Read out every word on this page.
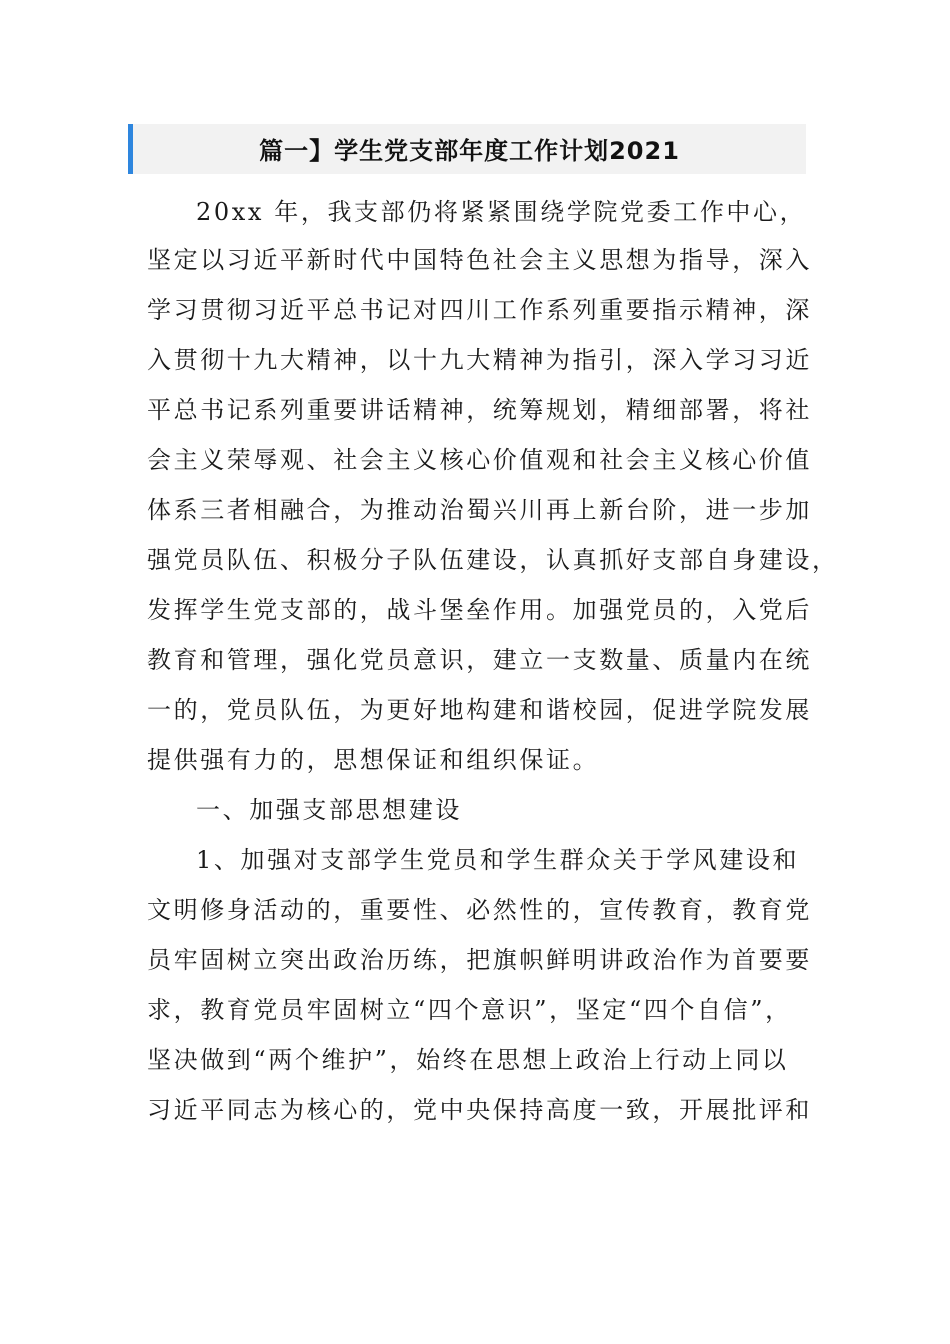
篇一】学生党支部年度工作计划2021
20xx 年，我支部仍将紧紧围绕学院党委工作中心，
坚定以习近平新时代中国特色社会主义思想为指导，深入
学习贯彻习近平总书记对四川工作系列重要指示精神，深
入贯彻十九大精神，以十九大精神为指引，深入学习习近
平总书记系列重要讲话精神，统筹规划，精细部署，将社
会主义荣辱观、社会主义核心价值观和社会主义核心价值
体系三者相融合，为推动治蜀兴川再上新台阶，进一步加
强党员队伍、积极分子队伍建设，认真抓好支部自身建设，
发挥学生党支部的，战斗堡垒作用。加强党员的，入党后
教育和管理，强化党员意识，建立一支数量、质量内在统
一的，党员队伍，为更好地构建和谐校园，促进学院发展
提供强有力的，思想保证和组织保证。
一、加强支部思想建设
1、加强对支部学生党员和学生群众关于学风建设和
文明修身活动的，重要性、必然性的，宣传教育，教育党
员牢固树立突出政治历练，把旗帜鲜明讲政治作为首要要
求，教育党员牢固树立“四个意识”，坚定“四个自信”，
坚决做到“两个维护”，始终在思想上政治上行动上同以
习近平同志为核心的，党中央保持高度一致，开展批评和
